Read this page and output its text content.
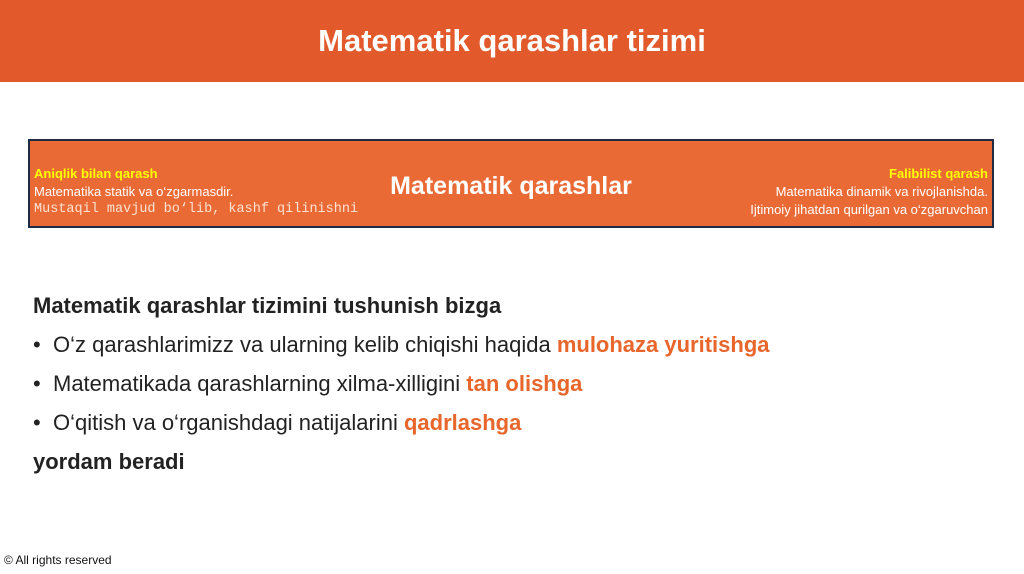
Matematik qarashlar tizimi
Aniqlik bilan qarash
Matematika statik va o‘zgarmasdir.
Mustaqil mavjud bo‘lib, kashf qilinishni
Matematik qarashlar	Falibilist qarash
Matematika dinamik va rivojlanishda.
Ijtimoiy jihatdan qurilgan va o‘zgaruvchan
Matematik qarashlar tizimini tushunish bizga
• O‘z qarashlarimizz va ularning kelib chiqishi haqida mulohaza yuritishga
• Matematikada qarashlarning xilma-xilligini tan olishga
• O‘qitish va o‘rganishdagi natijalarini qadrlashga
yordam beradi
© All rights reserved
